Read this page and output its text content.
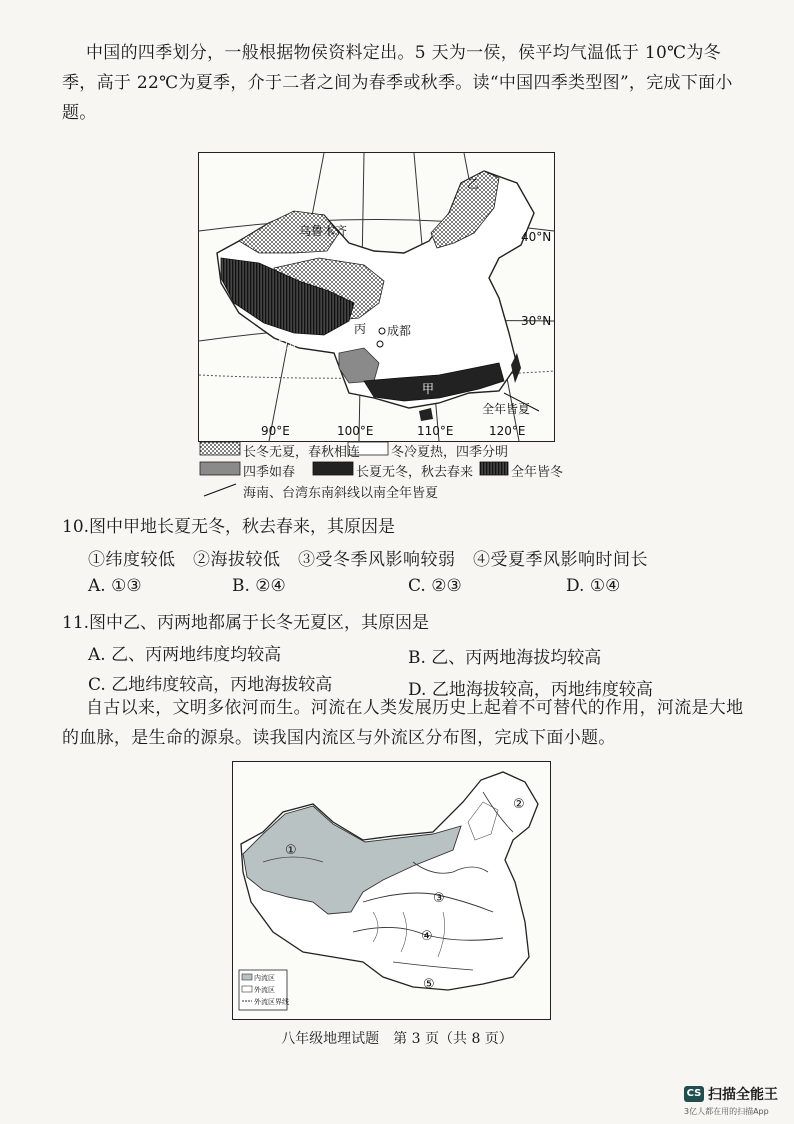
中国的四季划分，一般根据物侯资料定出。5 天为一侯，侯平均气温低于 10℃为冬季，高于 22℃为夏季，介于二者之间为春季或秋季。读“中国四季类型图”，完成下面小题。

乌鲁木齐
乙
丙 成都
拉萨
甲
全年皆夏
40°N
30°N
90°E	100°E	110°E	120°E
长冬无夏，春秋相连 冬冷夏热，四季分明
四季如春	长夏无冬，秋去春来	全年皆冬
海南、台湾东南斜线以南全年皆夏
10.图中甲地长夏无冬，秋去春来，其原因是
①纬度较低　②海拔较低　③受冬季风影响较弱　④受夏季风影响时间长
A. ①③	B. ②④	C. ②③	D. ①④
11.图中乙、丙两地都属于长冬无夏区，其原因是
A. 乙、丙两地纬度均较高	B. 乙、丙两地海拔均较高
C. 乙地纬度较高，丙地海拔较高	D. 乙地海拔较高，丙地纬度较高

自古以来，文明多依河而生。河流在人类发展历史上起着不可替代的作用，河流是大地的血脉，是生命的源泉。读我国内流区与外流区分布图，完成下面小题。

①
②
③
④
⑤
内流区
外流区
外流区界线
八年级地理试题　第 3 页（共 8 页）
CS 扫描全能王
3亿人都在用的扫描App
